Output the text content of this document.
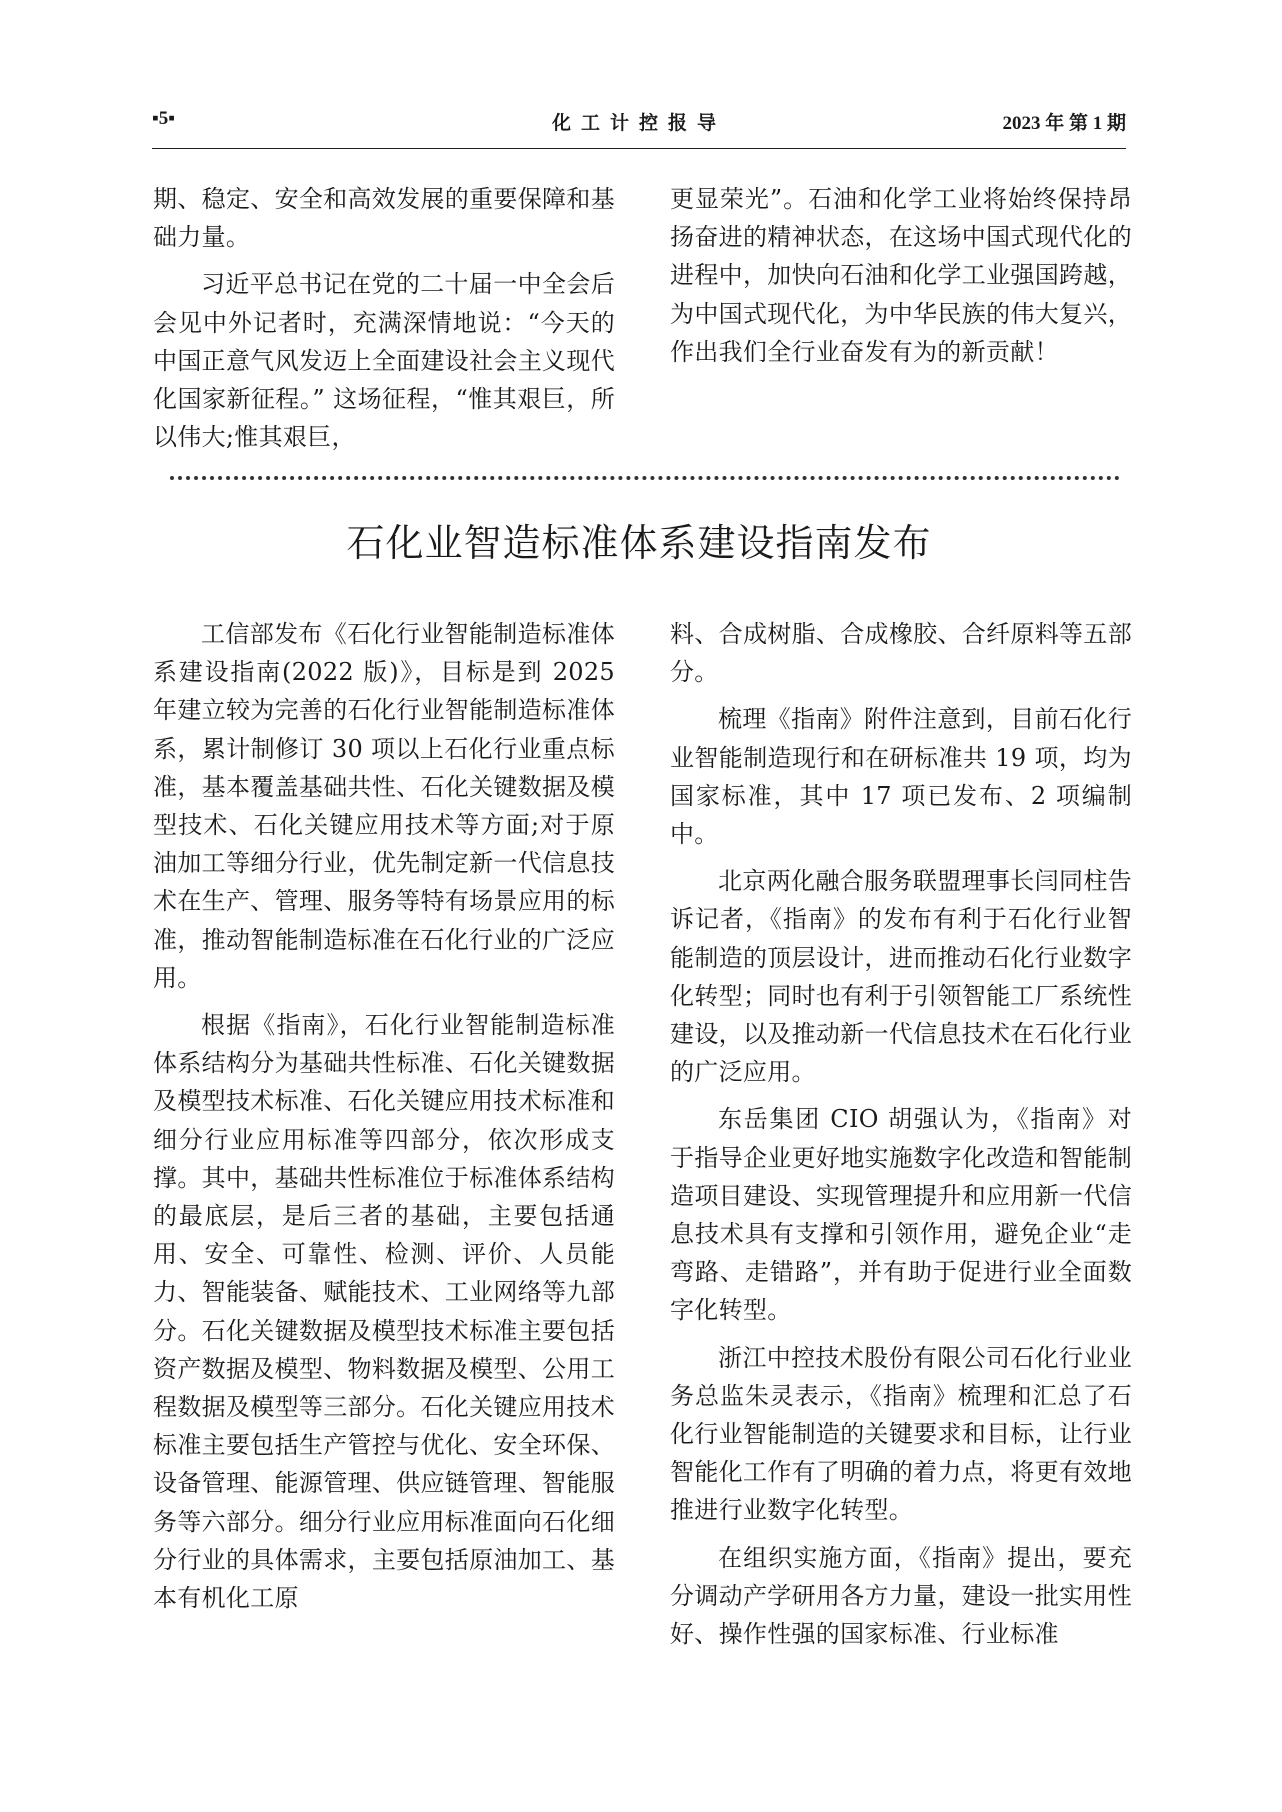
▪5▪	化工计控报导	2023 年 第 1 期

期、稳定、安全和高效发展的重要保障和基础力量。

习近平总书记在党的二十届一中全会后会见中外记者时，充满深情地说：“今天的中国正意气风发迈上全面建设社会主义现代化国家新征程。” 这场征程，“惟其艰巨，所以伟大;惟其艰巨，

更显荣光”。石油和化学工业将始终保持昂扬奋进的精神状态，在这场中国式现代化的进程中，加快向石油和化学工业强国跨越，为中国式现代化，为中华民族的伟大复兴，作出我们全行业奋发有为的新贡献！

石化业智造标准体系建设指南发布

工信部发布《石化行业智能制造标准体系建设指南(2022 版)》，目标是到 2025 年建立较为完善的石化行业智能制造标准体系，累计制修订 30 项以上石化行业重点标准，基本覆盖基础共性、石化关键数据及模型技术、石化关键应用技术等方面;对于原油加工等细分行业，优先制定新一代信息技术在生产、管理、服务等特有场景应用的标准，推动智能制造标准在石化行业的广泛应用。

根据《指南》，石化行业智能制造标准体系结构分为基础共性标准、石化关键数据及模型技术标准、石化关键应用技术标准和细分行业应用标准等四部分，依次形成支撑。其中，基础共性标准位于标准体系结构的最底层，是后三者的基础，主要包括通用、安全、可靠性、检测、评价、人员能力、智能装备、赋能技术、工业网络等九部分。石化关键数据及模型技术标准主要包括资产数据及模型、物料数据及模型、公用工程数据及模型等三部分。石化关键应用技术标准主要包括生产管控与优化、安全环保、设备管理、能源管理、供应链管理、智能服务等六部分。细分行业应用标准面向石化细分行业的具体需求，主要包括原油加工、基本有机化工原

料、合成树脂、合成橡胶、合纤原料等五部分。

梳理《指南》附件注意到，目前石化行业智能制造现行和在研标准共 19 项，均为国家标准，其中 17 项已发布、2 项编制中。

北京两化融合服务联盟理事长闫同柱告诉记者，《指南》的发布有利于石化行业智能制造的顶层设计，进而推动石化行业数字化转型；同时也有利于引领智能工厂系统性建设，以及推动新一代信息技术在石化行业的广泛应用。

东岳集团 CIO 胡强认为，《指南》对于指导企业更好地实施数字化改造和智能制造项目建设、实现管理提升和应用新一代信息技术具有支撑和引领作用，避免企业“走弯路、走错路”，并有助于促进行业全面数字化转型。

浙江中控技术股份有限公司石化行业业务总监朱灵表示，《指南》梳理和汇总了石化行业智能制造的关键要求和目标，让行业智能化工作有了明确的着力点，将更有效地推进行业数字化转型。

在组织实施方面，《指南》提出，要充分调动产学研用各方力量，建设一批实用性好、操作性强的国家标准、行业标准
